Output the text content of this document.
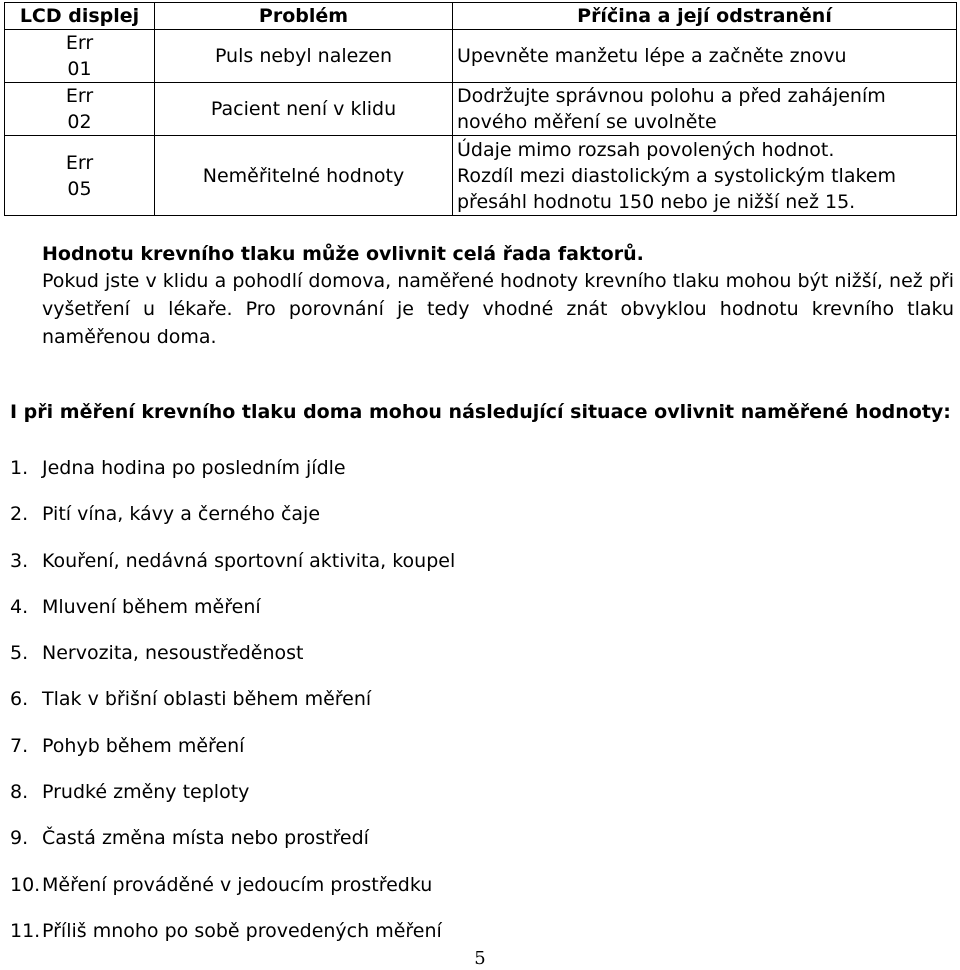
LCD displej	Problém	Příčina a její odstranění

Err
01	Puls nebyl nalezen	Upevněte manžetu lépe a začněte znovu

Err
02	Pacient není v klidu	Dodržujte správnou polohu a před zahájením
nového měření se uvolněte

Err
05	Neměřitelné hodnoty	Údaje mimo rozsah povolených hodnot.
Rozdíl mezi diastolickým a systolickým tlakem
přesáhl hodnotu 150 nebo je nižší než 15.
Hodnotu krevního tlaku může ovlivnit celá řada faktorů.
Pokud jste v klidu a pohodlí domova, naměřené hodnoty krevního tlaku mohou být nižší, než při vyšetření u lékaře. Pro porovnání je tedy vhodné znát obvyklou hodnotu krevního tlaku naměřenou doma.
I při měření krevního tlaku doma mohou následující situace ovlivnit naměřené hodnoty:
1. Jedna hodina po posledním jídle
2. Pití vína, kávy a černého čaje
3. Kouření, nedávná sportovní aktivita, koupel
4. Mluvení během měření
5. Nervozita, nesoustředěnost
6. Tlak v břišní oblasti během měření
7. Pohyb během měření
8. Prudké změny teploty
9. Častá změna místa nebo prostředí
10. Měření prováděné v jedoucím prostředku
11. Příliš mnoho po sobě provedených měření
5
